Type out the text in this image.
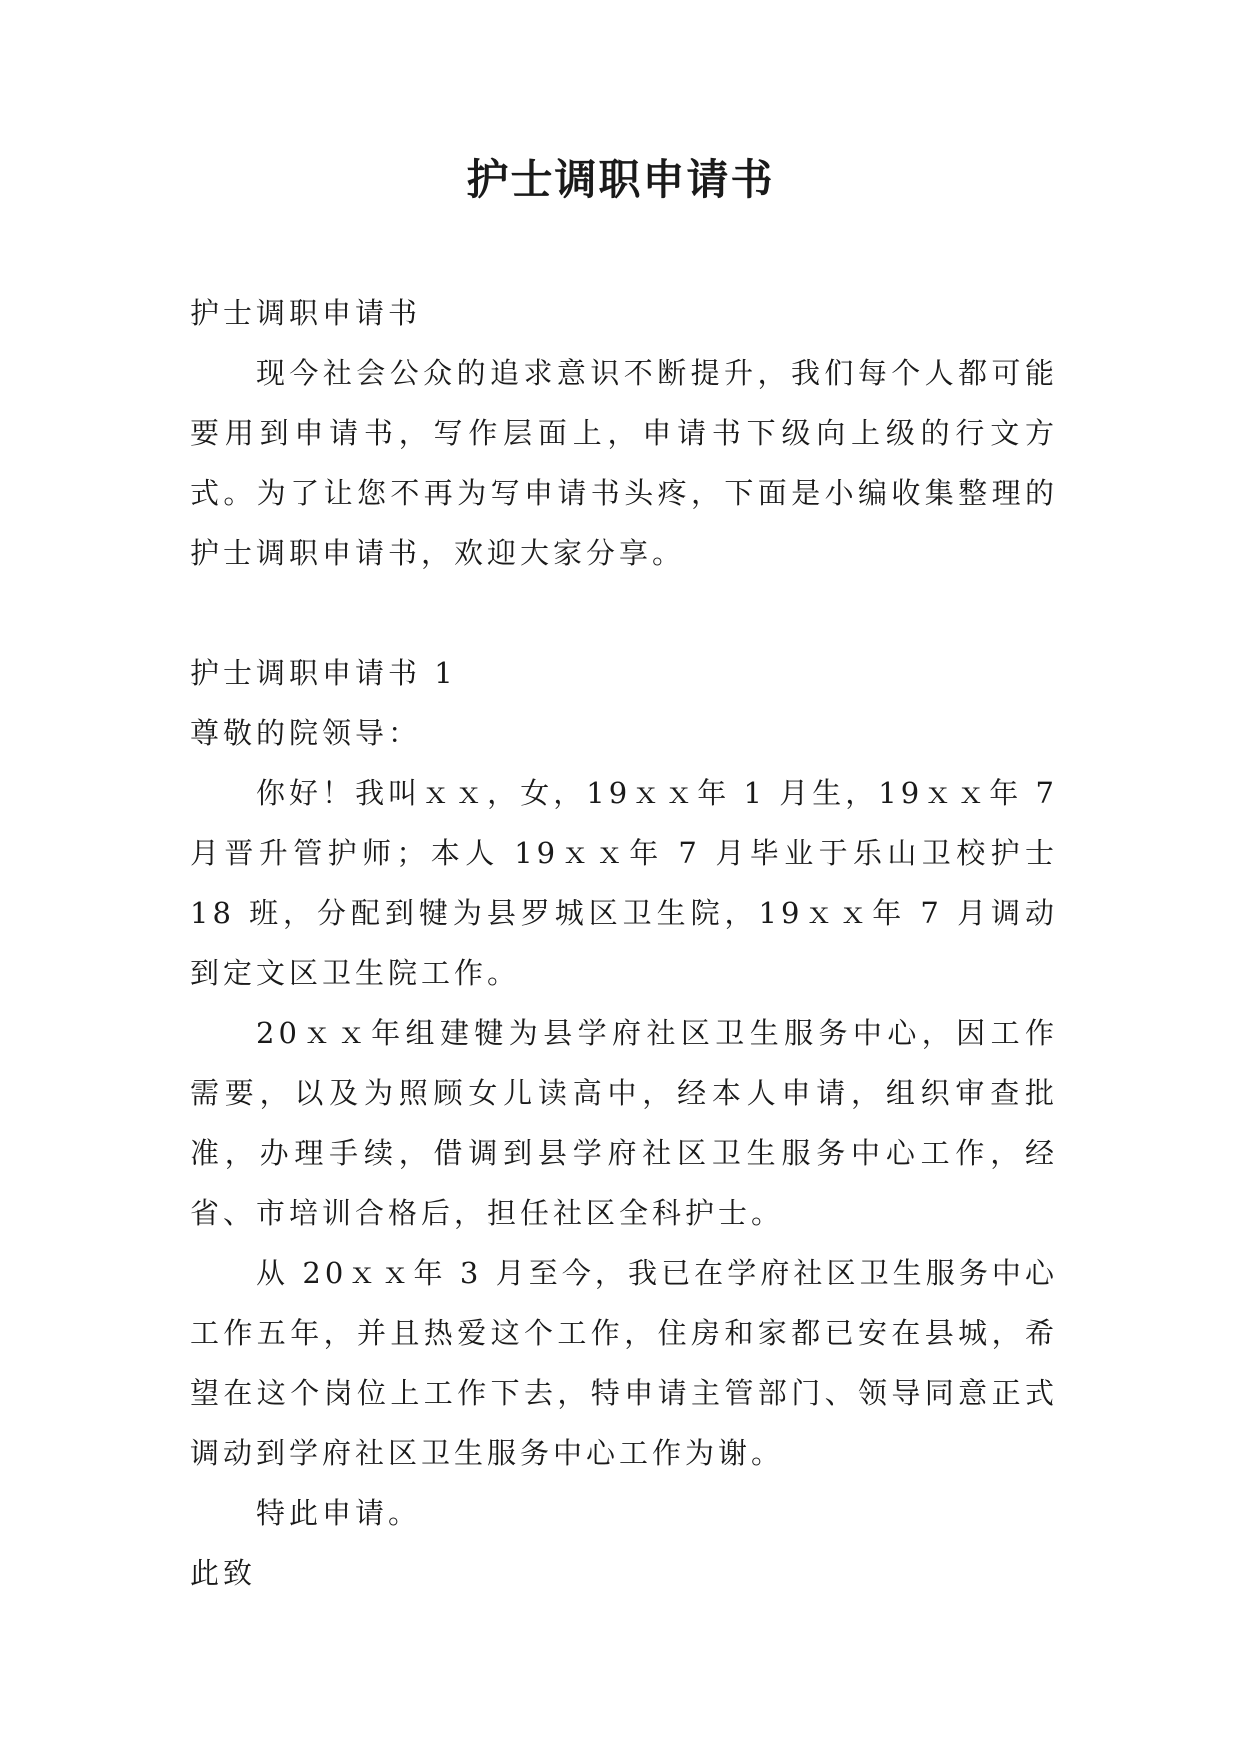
护士调职申请书

护士调职申请书

现今社会公众的追求意识不断提升，我们每个人都可能要用到申请书，写作层面上，申请书下级向上级的行文方式。为了让您不再为写申请书头疼，下面是小编收集整理的护士调职申请书，欢迎大家分享。

护士调职申请书 1

尊敬的院领导：

你好！我叫ｘｘ，女，19ｘｘ年 1 月生，19ｘｘ年 7 月晋升管护师；本人 19ｘｘ年 7 月毕业于乐山卫校护士 18 班，分配到犍为县罗城区卫生院，19ｘｘ年 7 月调动到定文区卫生院工作。

20ｘｘ年组建犍为县学府社区卫生服务中心，因工作需要，以及为照顾女儿读高中，经本人申请，组织审查批准，办理手续，借调到县学府社区卫生服务中心工作，经省、市培训合格后，担任社区全科护士。

从 20ｘｘ年 3 月至今，我已在学府社区卫生服务中心工作五年，并且热爱这个工作，住房和家都已安在县城，希望在这个岗位上工作下去，特申请主管部门、领导同意正式调动到学府社区卫生服务中心工作为谢。

特此申请。

此致
